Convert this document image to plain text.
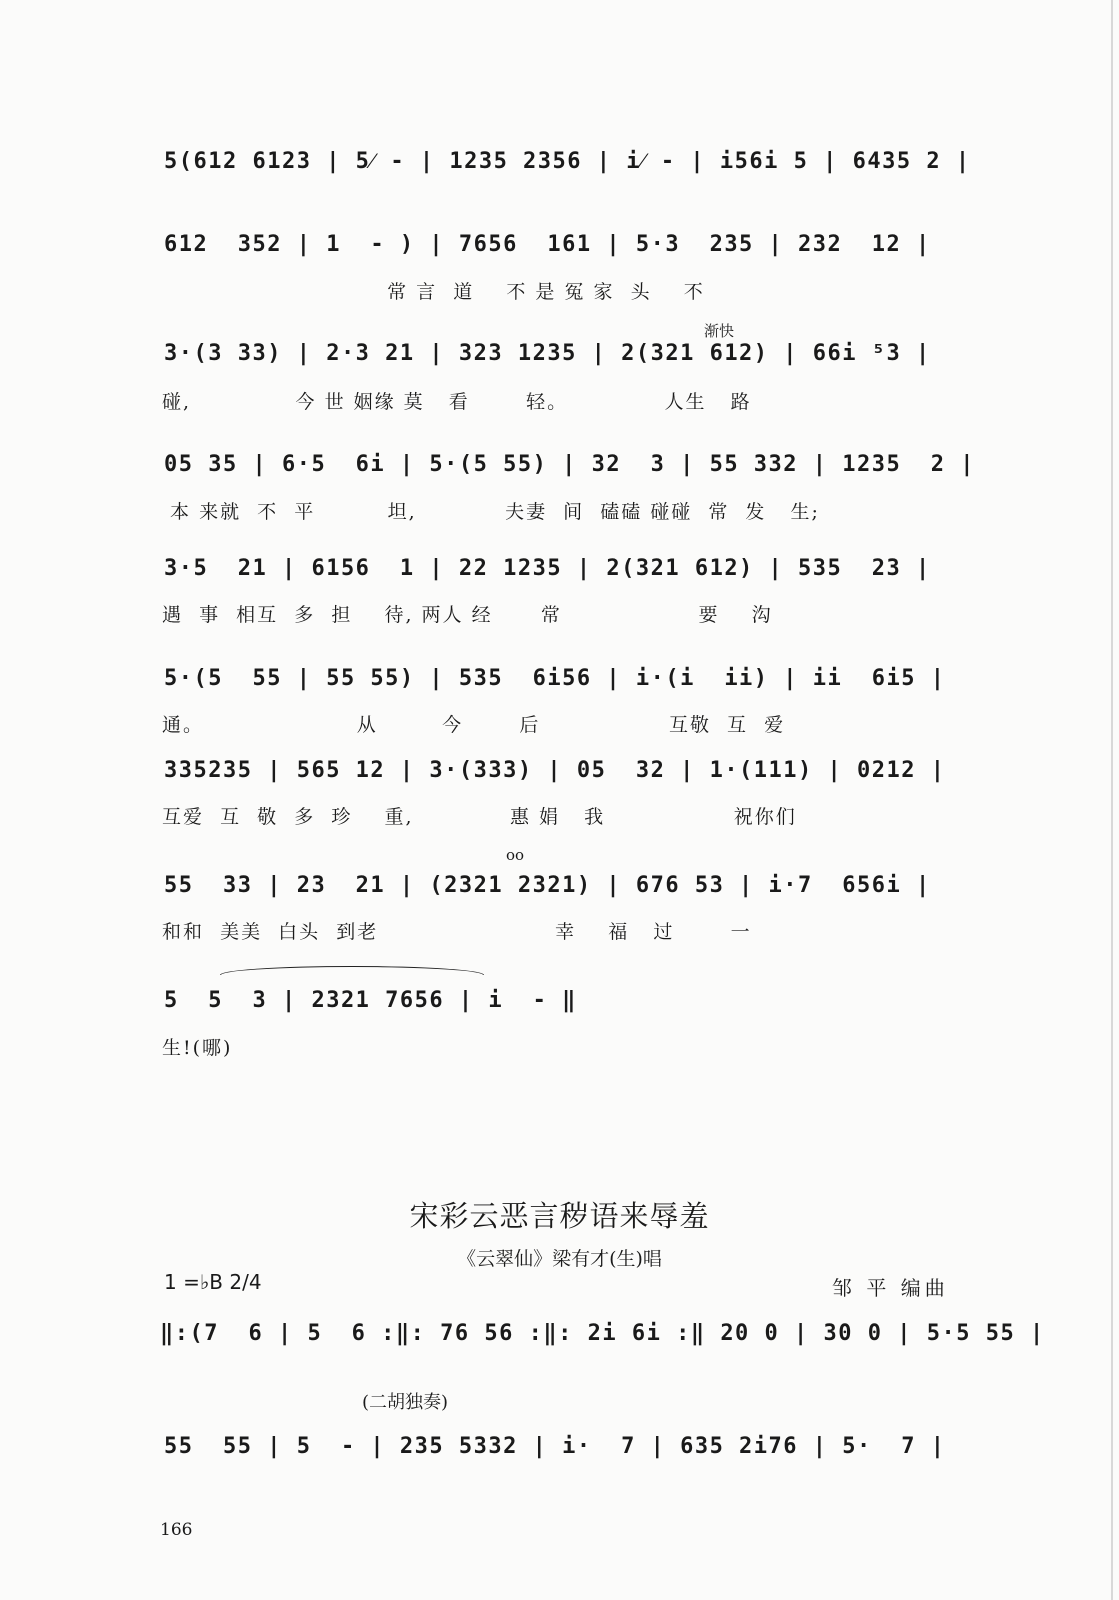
5(612 6123 | 5⁄ - | 1235 2356 | i⁄ - | i56i 5 | 6435 2 |
612  352 | 1  - ) | 7656  161 | 5·3  235 | 232  12 |
常 言  道    不 是 冤 家  头    不
渐快
3·(3 33) | 2·3 21 | 323 1235 | 2(321 612) | 66i ⁵3 |
碰,             今 世 姻缘 莫   看       轻。            人生   路
05 35 | 6·5  6i | 5·(5 55) | 32  3 | 55 332 | 1235  2 |
本 来就  不  平         坦,           夫妻  间  磕磕 碰碰  常  发   生;
3·5  21 | 6156  1 | 22 1235 | 2(321 612) | 535  23 |
遇  事  相互  多  担    待, 两人 经      常                 要    沟
5·(5  55 | 55 55) | 535  6i56 | i·(i  ii) | ii  6i5 |
通。                   从        今       后                互敬  互  爱
335235 | 565 12 | 3·(333) | 05  32 | 1·(111) | 0212 |
互爱  互  敬  多  珍    重,            惠 娟   我                祝你们
oo
55  33 | 23  21 | (2321 2321) | 676 53 | i·7  656i |
和和  美美  白头  到老                      幸    福   过       一
5  5  3 | 2321 7656 | i  - ‖
生!(哪)
宋彩云恶言秽语来辱羞
《云翠仙》梁有才(生)唱
1 =♭B 2/4	邹 平 编曲
‖:(7  6 | 5  6 :‖: 76 56 :‖: 2i 6i :‖ 20 0 | 30 0 | 5·5 55 |
(二胡独奏)
55  55 | 5  - | 235 5332 | i·  7 | 635 2i76 | 5·  7 |
166
